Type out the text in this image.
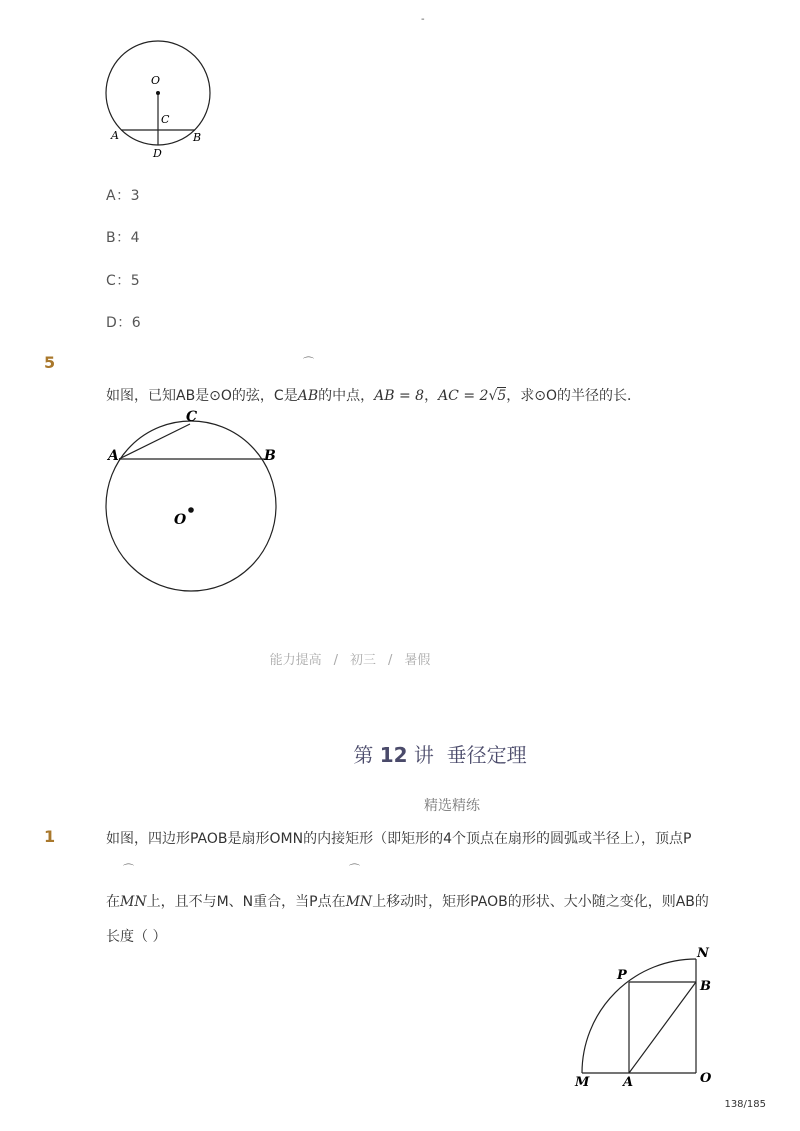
-
O
C
A	B
D
A：3
B：4
C：5
D：6
5	⌒
如图，已知AB是⊙O的弦，C是AB的中点，AB = 8，AC = 2√5，求⊙O的半径的长．
C
A	B
O
能力提高 / 初三 / 暑假
第 12 讲 垂径定理
精选精练
1	如图，四边形PAOB是扇形OMN的内接矩形（即矩形的4个顶点在扇形的圆弧或半径上），顶点P
⌒	⌒
在MN上，且不与M、N重合，当P点在MN上移动时，矩形PAOB的形状、大小随之变化，则AB的
长度（ ）
N
P
B
M	A	O
138/185
